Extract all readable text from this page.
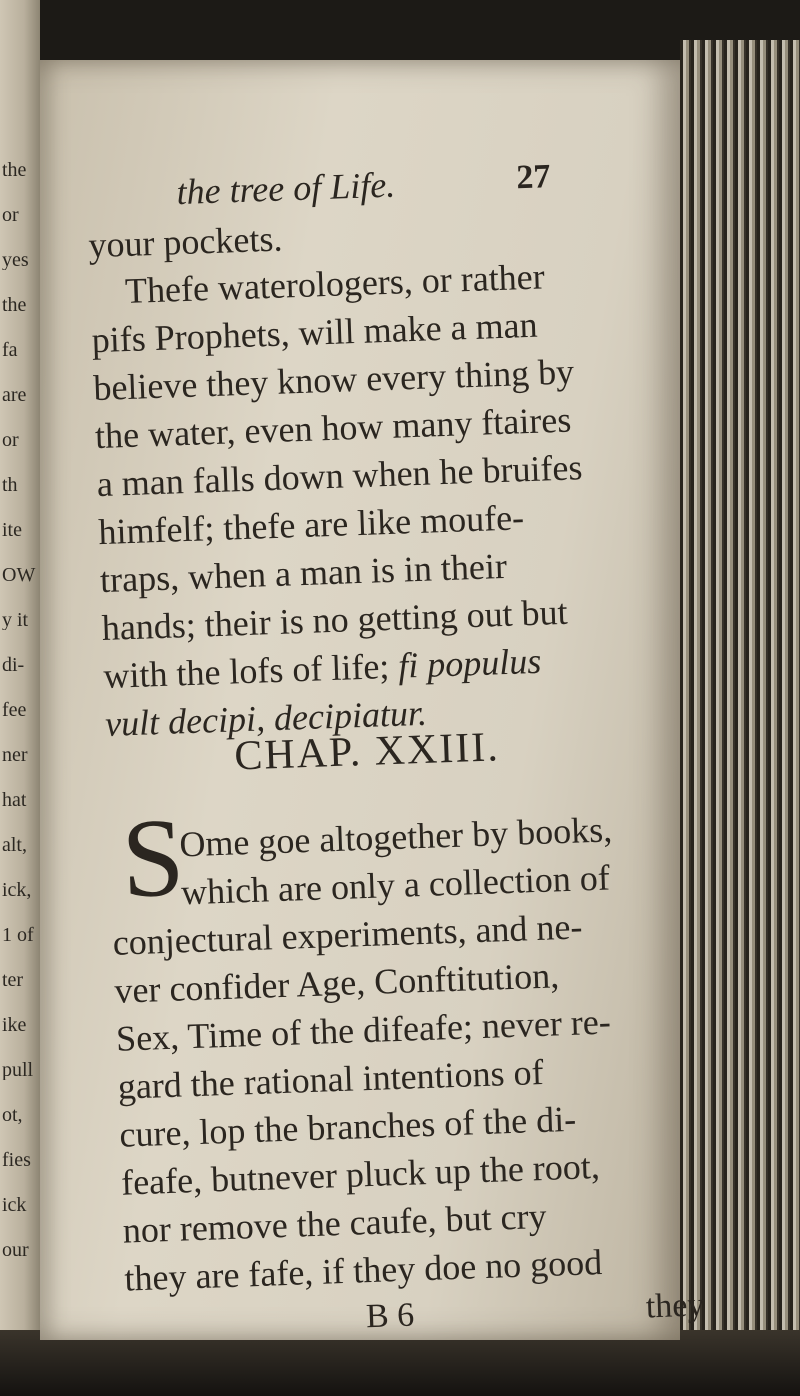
the
or
yes
the
fa
are
or
th
ite
OW
y it
di-
fee
ner
hat
alt,
ick,
1 of
ter
ike
pull
ot,
fies
ick
our
the tree of Life.	27
your pockets.
Thefe waterologers, or rather
pifs Prophets, will make a man
believe they know every thing by
the water, even how many ftaires
a man falls down when he bruifes
himfelf; thefe are like moufe-
traps, when a man is in their
hands; their is no getting out but
with the lofs of life; fi populus
vult decipi, decipiatur.
CHAP. XXIII.
S
Ome goe altogether by books,
which are only a collection of
conjectural experiments, and ne-
ver confider Age, Conftitution,
Sex, Time of the difeafe; never re-
gard the rational intentions of
cure, lop the branches of the di-
feafe, butnever pluck up the root,
nor remove the caufe, but cry
they are fafe, if they doe no good
B 6	they
